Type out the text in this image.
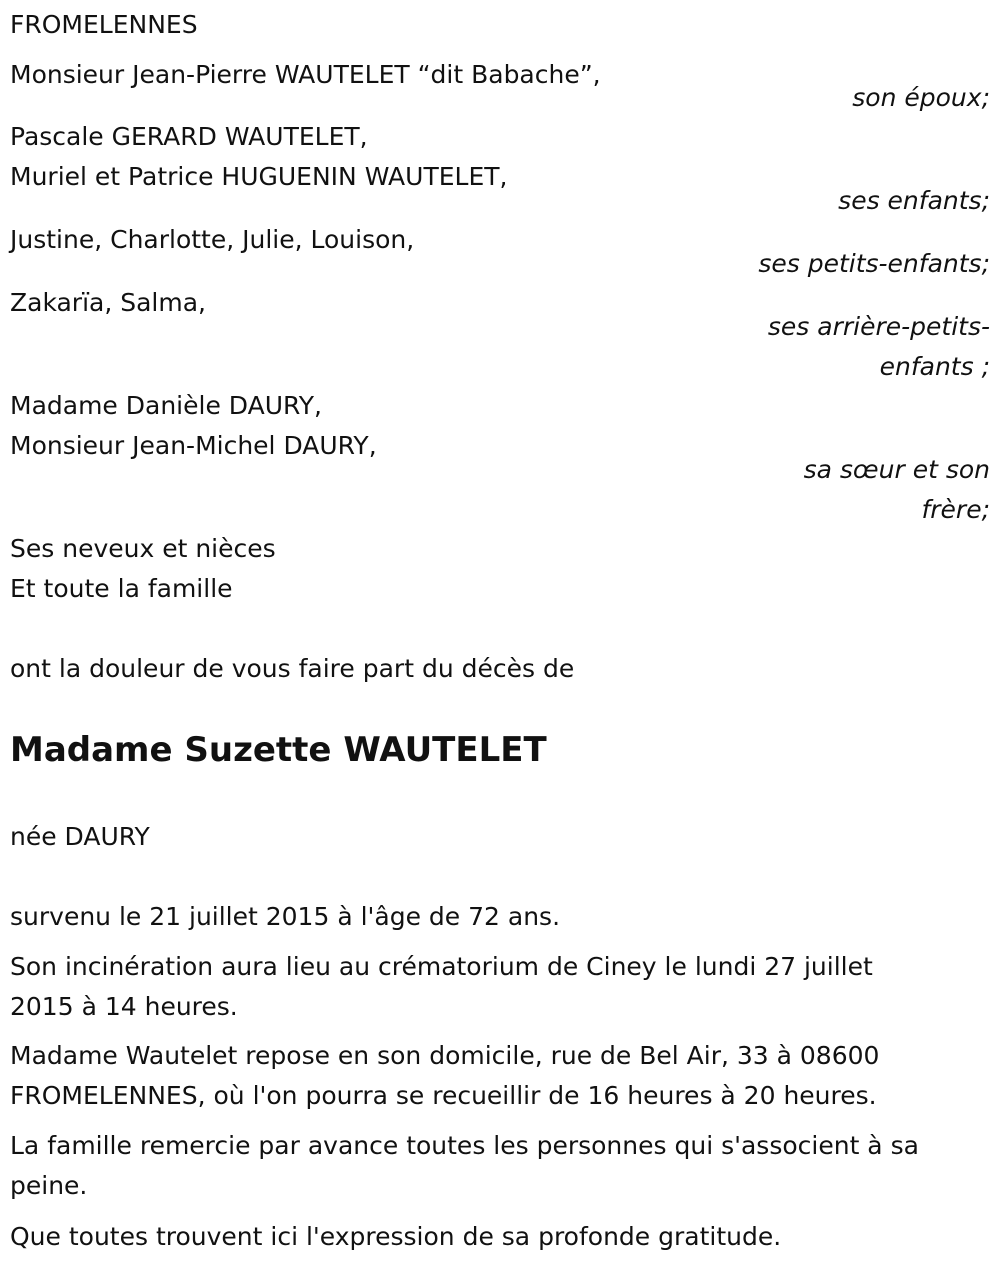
FROMELENNES
Monsieur Jean-Pierre WAUTELET “dit Babache”,
son époux;
Pascale GERARD WAUTELET,
Muriel et Patrice HUGUENIN WAUTELET,
ses enfants;
Justine, Charlotte, Julie, Louison,
ses petits-enfants;
Zakarïa, Salma,
ses arrière-petits-
enfants ;
Madame Danièle DAURY,
Monsieur Jean-Michel DAURY,
sa sœur et son
frère;
Ses neveux et nièces
Et toute la famille
ont la douleur de vous faire part du décès de
Madame Suzette WAUTELET
née DAURY
survenu le 21 juillet 2015 à l'âge de 72 ans.
Son incinération aura lieu au crématorium de Ciney le lundi 27 juillet
2015 à 14 heures.
Madame Wautelet repose en son domicile, rue de Bel Air, 33 à 08600
FROMELENNES, où l'on pourra se recueillir de 16 heures à 20 heures.
La famille remercie par avance toutes les personnes qui s'associent à sa
peine.
Que toutes trouvent ici l'expression de sa profonde gratitude.
